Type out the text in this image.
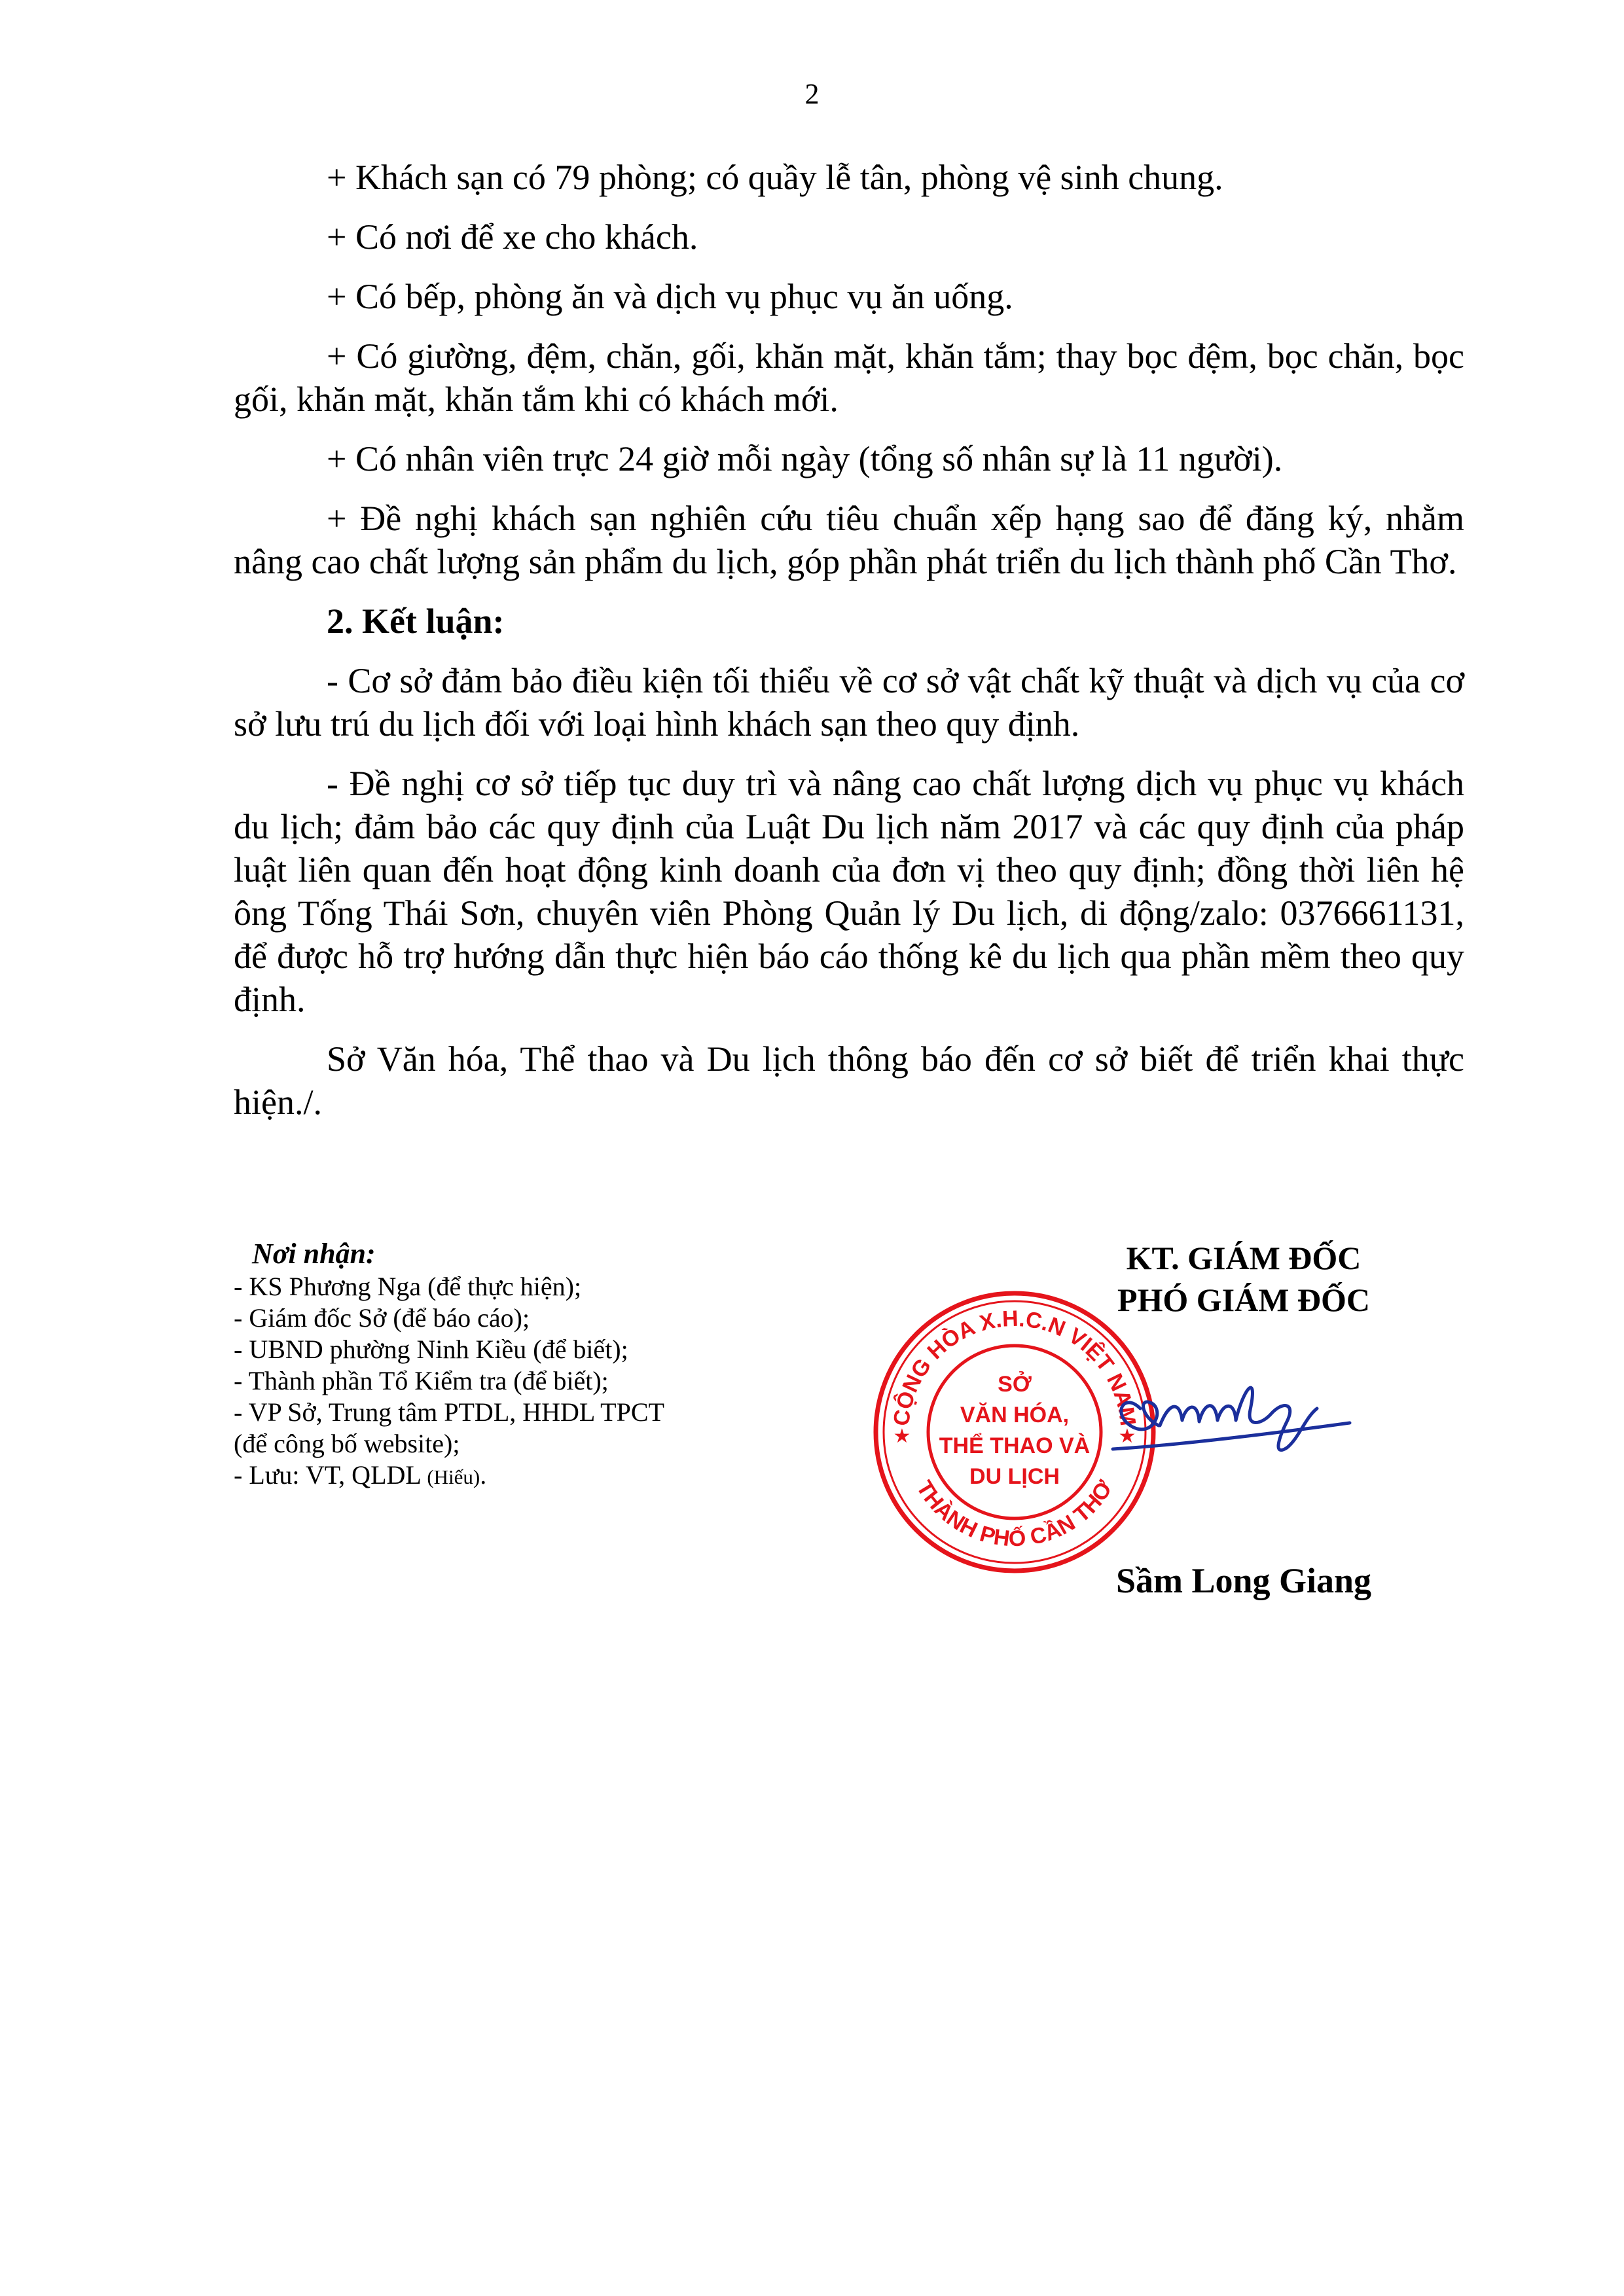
2

+ Khách sạn có 79 phòng; có quầy lễ tân, phòng vệ sinh chung.

+ Có nơi để xe cho khách.

+ Có bếp, phòng ăn và dịch vụ phục vụ ăn uống.

+ Có giường, đệm, chăn, gối, khăn mặt, khăn tắm; thay bọc đệm, bọc chăn, bọc gối, khăn mặt, khăn tắm khi có khách mới.

+ Có nhân viên trực 24 giờ mỗi ngày (tổng số nhân sự là 11 người).

+ Đề nghị khách sạn nghiên cứu tiêu chuẩn xếp hạng sao để đăng ký, nhằm nâng cao chất lượng sản phẩm du lịch, góp phần phát triển du lịch thành phố Cần Thơ.

2. Kết luận:

- Cơ sở đảm bảo điều kiện tối thiểu về cơ sở vật chất kỹ thuật và dịch vụ của cơ sở lưu trú du lịch đối với loại hình khách sạn theo quy định.

- Đề nghị cơ sở tiếp tục duy trì và nâng cao chất lượng dịch vụ phục vụ khách du lịch; đảm bảo các quy định của Luật Du lịch năm 2017 và các quy định của pháp luật liên quan đến hoạt động kinh doanh của đơn vị theo quy định; đồng thời liên hệ ông Tống Thái Sơn, chuyên viên Phòng Quản lý Du lịch, di động/zalo: 0376661131, để được hỗ trợ hướng dẫn thực hiện báo cáo thống kê du lịch qua phần mềm theo quy định.

Sở Văn hóa, Thể thao và Du lịch thông báo đến cơ sở biết để triển khai thực hiện./.

Nơi nhận:
- KS Phương Nga (để thực hiện);
- Giám đốc Sở (để báo cáo);
- UBND phường Ninh Kiều (để biết);
- Thành phần Tổ Kiểm tra (để biết);
- VP Sở, Trung tâm PTDL, HHDL TPCT
(để công bố website);
- Lưu: VT, QLDL (Hiếu).
KT. GIÁM ĐỐC
PHÓ GIÁM ĐỐC
CỘNG HÒA X.H.C.N VIỆT NAM
THÀNH PHỐ CẦN THƠ
★	★
SỞ
VĂN HÓA,
THỂ THAO VÀ
DU LỊCH
Sầm Long Giang
